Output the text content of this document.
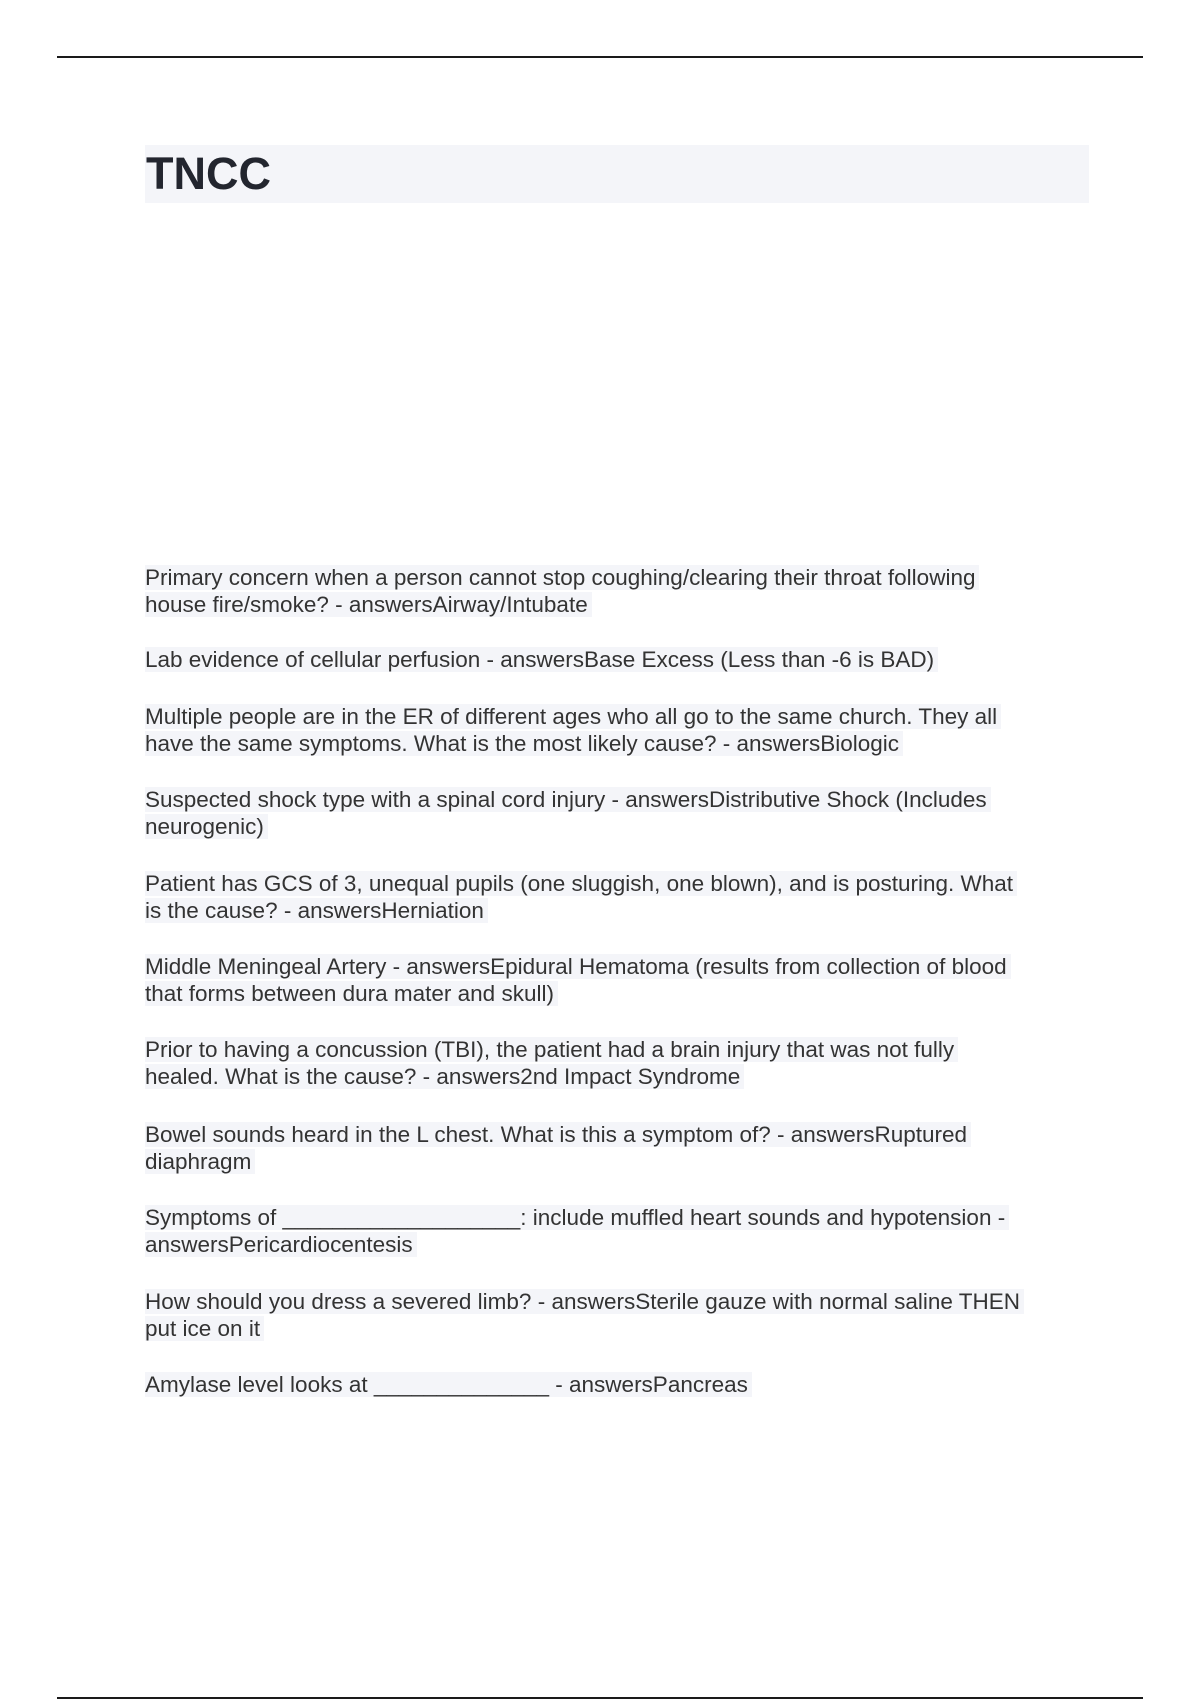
TNCC

Primary concern when a person cannot stop coughing/clearing their throat following
house fire/smoke? - answersAirway/Intubate

Lab evidence of cellular perfusion - answersBase Excess (Less than -6 is BAD)

Multiple people are in the ER of different ages who all go to the same church. They all
have the same symptoms. What is the most likely cause? - answersBiologic

Suspected shock type with a spinal cord injury - answersDistributive Shock (Includes
neurogenic)

Patient has GCS of 3, unequal pupils (one sluggish, one blown), and is posturing. What
is the cause? - answersHerniation

Middle Meningeal Artery - answersEpidural Hematoma (results from collection of blood
that forms between dura mater and skull)

Prior to having a concussion (TBI), the patient had a brain injury that was not fully
healed. What is the cause? - answers2nd Impact Syndrome

Bowel sounds heard in the L chest. What is this a symptom of? - answersRuptured
diaphragm

Symptoms of ___________________: include muffled heart sounds and hypotension -
answersPericardiocentesis

How should you dress a severed limb? - answersSterile gauze with normal saline THEN
put ice on it

Amylase level looks at ______________ - answersPancreas
